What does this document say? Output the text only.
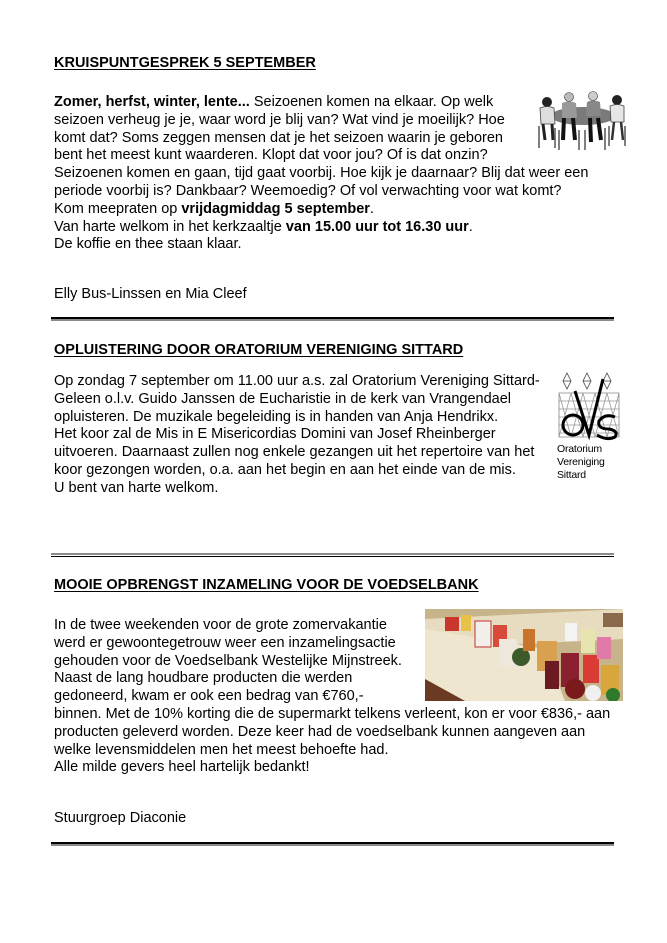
KRUISPUNTGESPREK 5 SEPTEMBER

Zomer, herfst, winter, lente... Seizoenen komen na elkaar. Op welk seizoen verheug je je, waar word je blij van? Wat vind je moeilijk? Hoe komt dat? Soms zeggen mensen dat je het seizoen waarin je geboren bent het meest kunt waarderen. Klopt dat voor jou? Of is dat onzin? Seizoenen komen en gaan, tijd gaat voorbij. Hoe kijk je daarnaar? Blij dat weer een periode voorbij is? Dankbaar? Weemoedig? Of vol verwachting voor wat komt?

Kom meepraten op vrijdagmiddag 5 september.

Van harte welkom in het kerkzaaltje van 15.00 uur tot 16.30 uur.

De koffie en thee staan klaar.

Elly Bus-Linssen en Mia Cleef
OPLUISTERING DOOR ORATORIUM VERENIGING SITTARD
Oratorium
Vereniging
Sittard

Op zondag 7 september om 11.00 uur a.s. zal Oratorium Vereniging Sittard-Geleen o.l.v. Guido Janssen de Eucharistie in de kerk van Vrangendael opluisteren. De muzikale begeleiding is in handen van Anja Hendrikx.

Het koor zal de Mis in E Misericordias Domini van Josef Rheinberger uitvoeren. Daarnaast zullen nog enkele gezangen uit het repertoire van het koor gezongen worden, o.a. aan het begin en aan het einde van de mis.

U bent van harte welkom.

MOOIE OPBRENGST INZAMELING VOOR DE VOEDSELBANK

In de twee weekenden voor de grote zomervakantie werd er gewoontegetrouw weer een inzamelingsactie gehouden voor de Voedselbank Westelijke Mijnstreek. Naast de lang houdbare producten die werden gedoneerd, kwam er ook een bedrag van €760,- binnen. Met de 10% korting die de supermarkt telkens verleent, kon er voor €836,- aan producten geleverd worden. Deze keer had de voedselbank kunnen aangeven aan welke levensmiddelen men het meest behoefte had.

Alle milde gevers heel hartelijk bedankt!

Stuurgroep Diaconie
